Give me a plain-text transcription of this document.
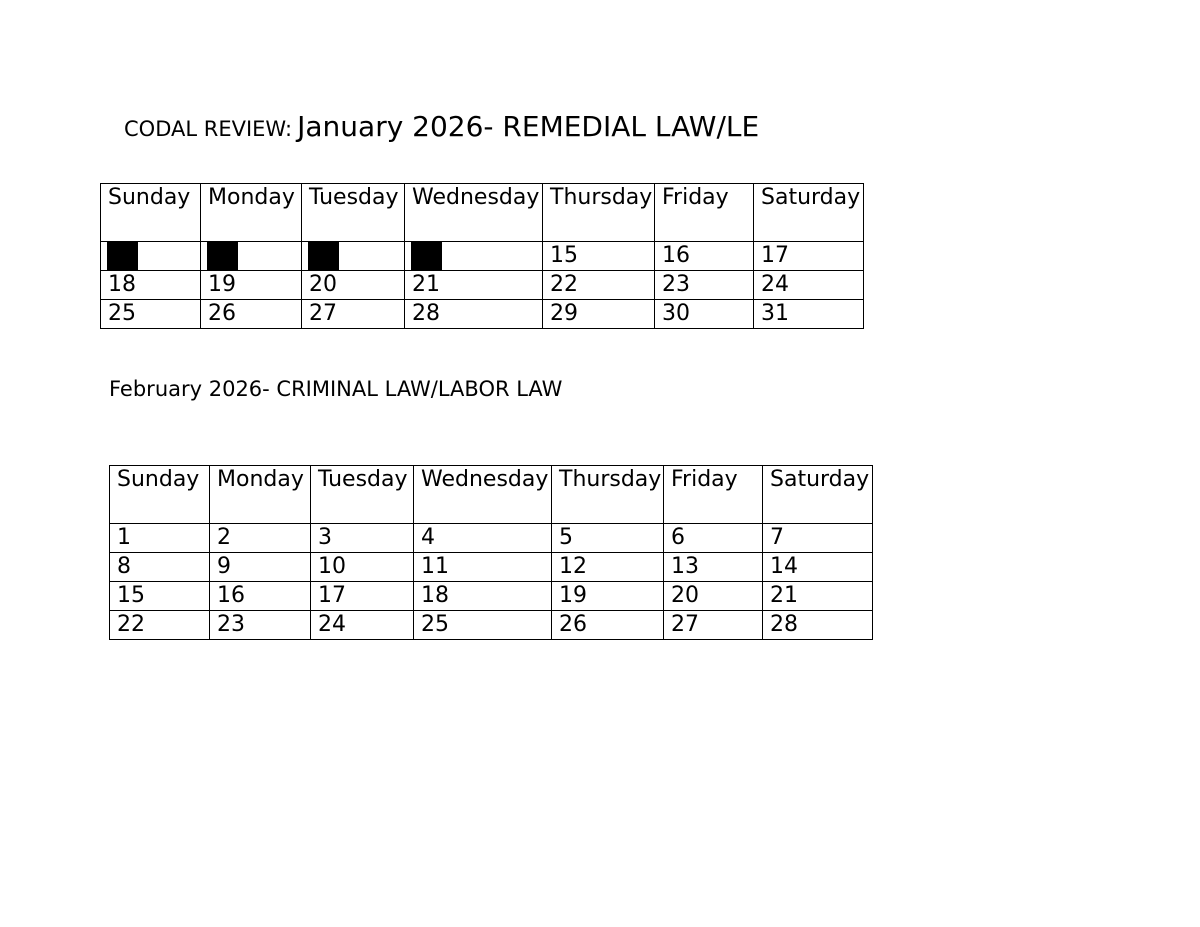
CODAL REVIEW: January 2026- REMEDIAL LAW/LE
Sunday	Monday	Tuesday	Wednesday	Thursday	Friday	Saturday
				15	16	17
18	19	20	21	22	23	24
25	26	27	28	29	30	31
February 2026- CRIMINAL LAW/LABOR LAW
Sunday	Monday	Tuesday	Wednesday	Thursday	Friday	Saturday
1	2	3	4	5	6	7
8	9	10	11	12	13	14
15	16	17	18	19	20	21
22	23	24	25	26	27	28
